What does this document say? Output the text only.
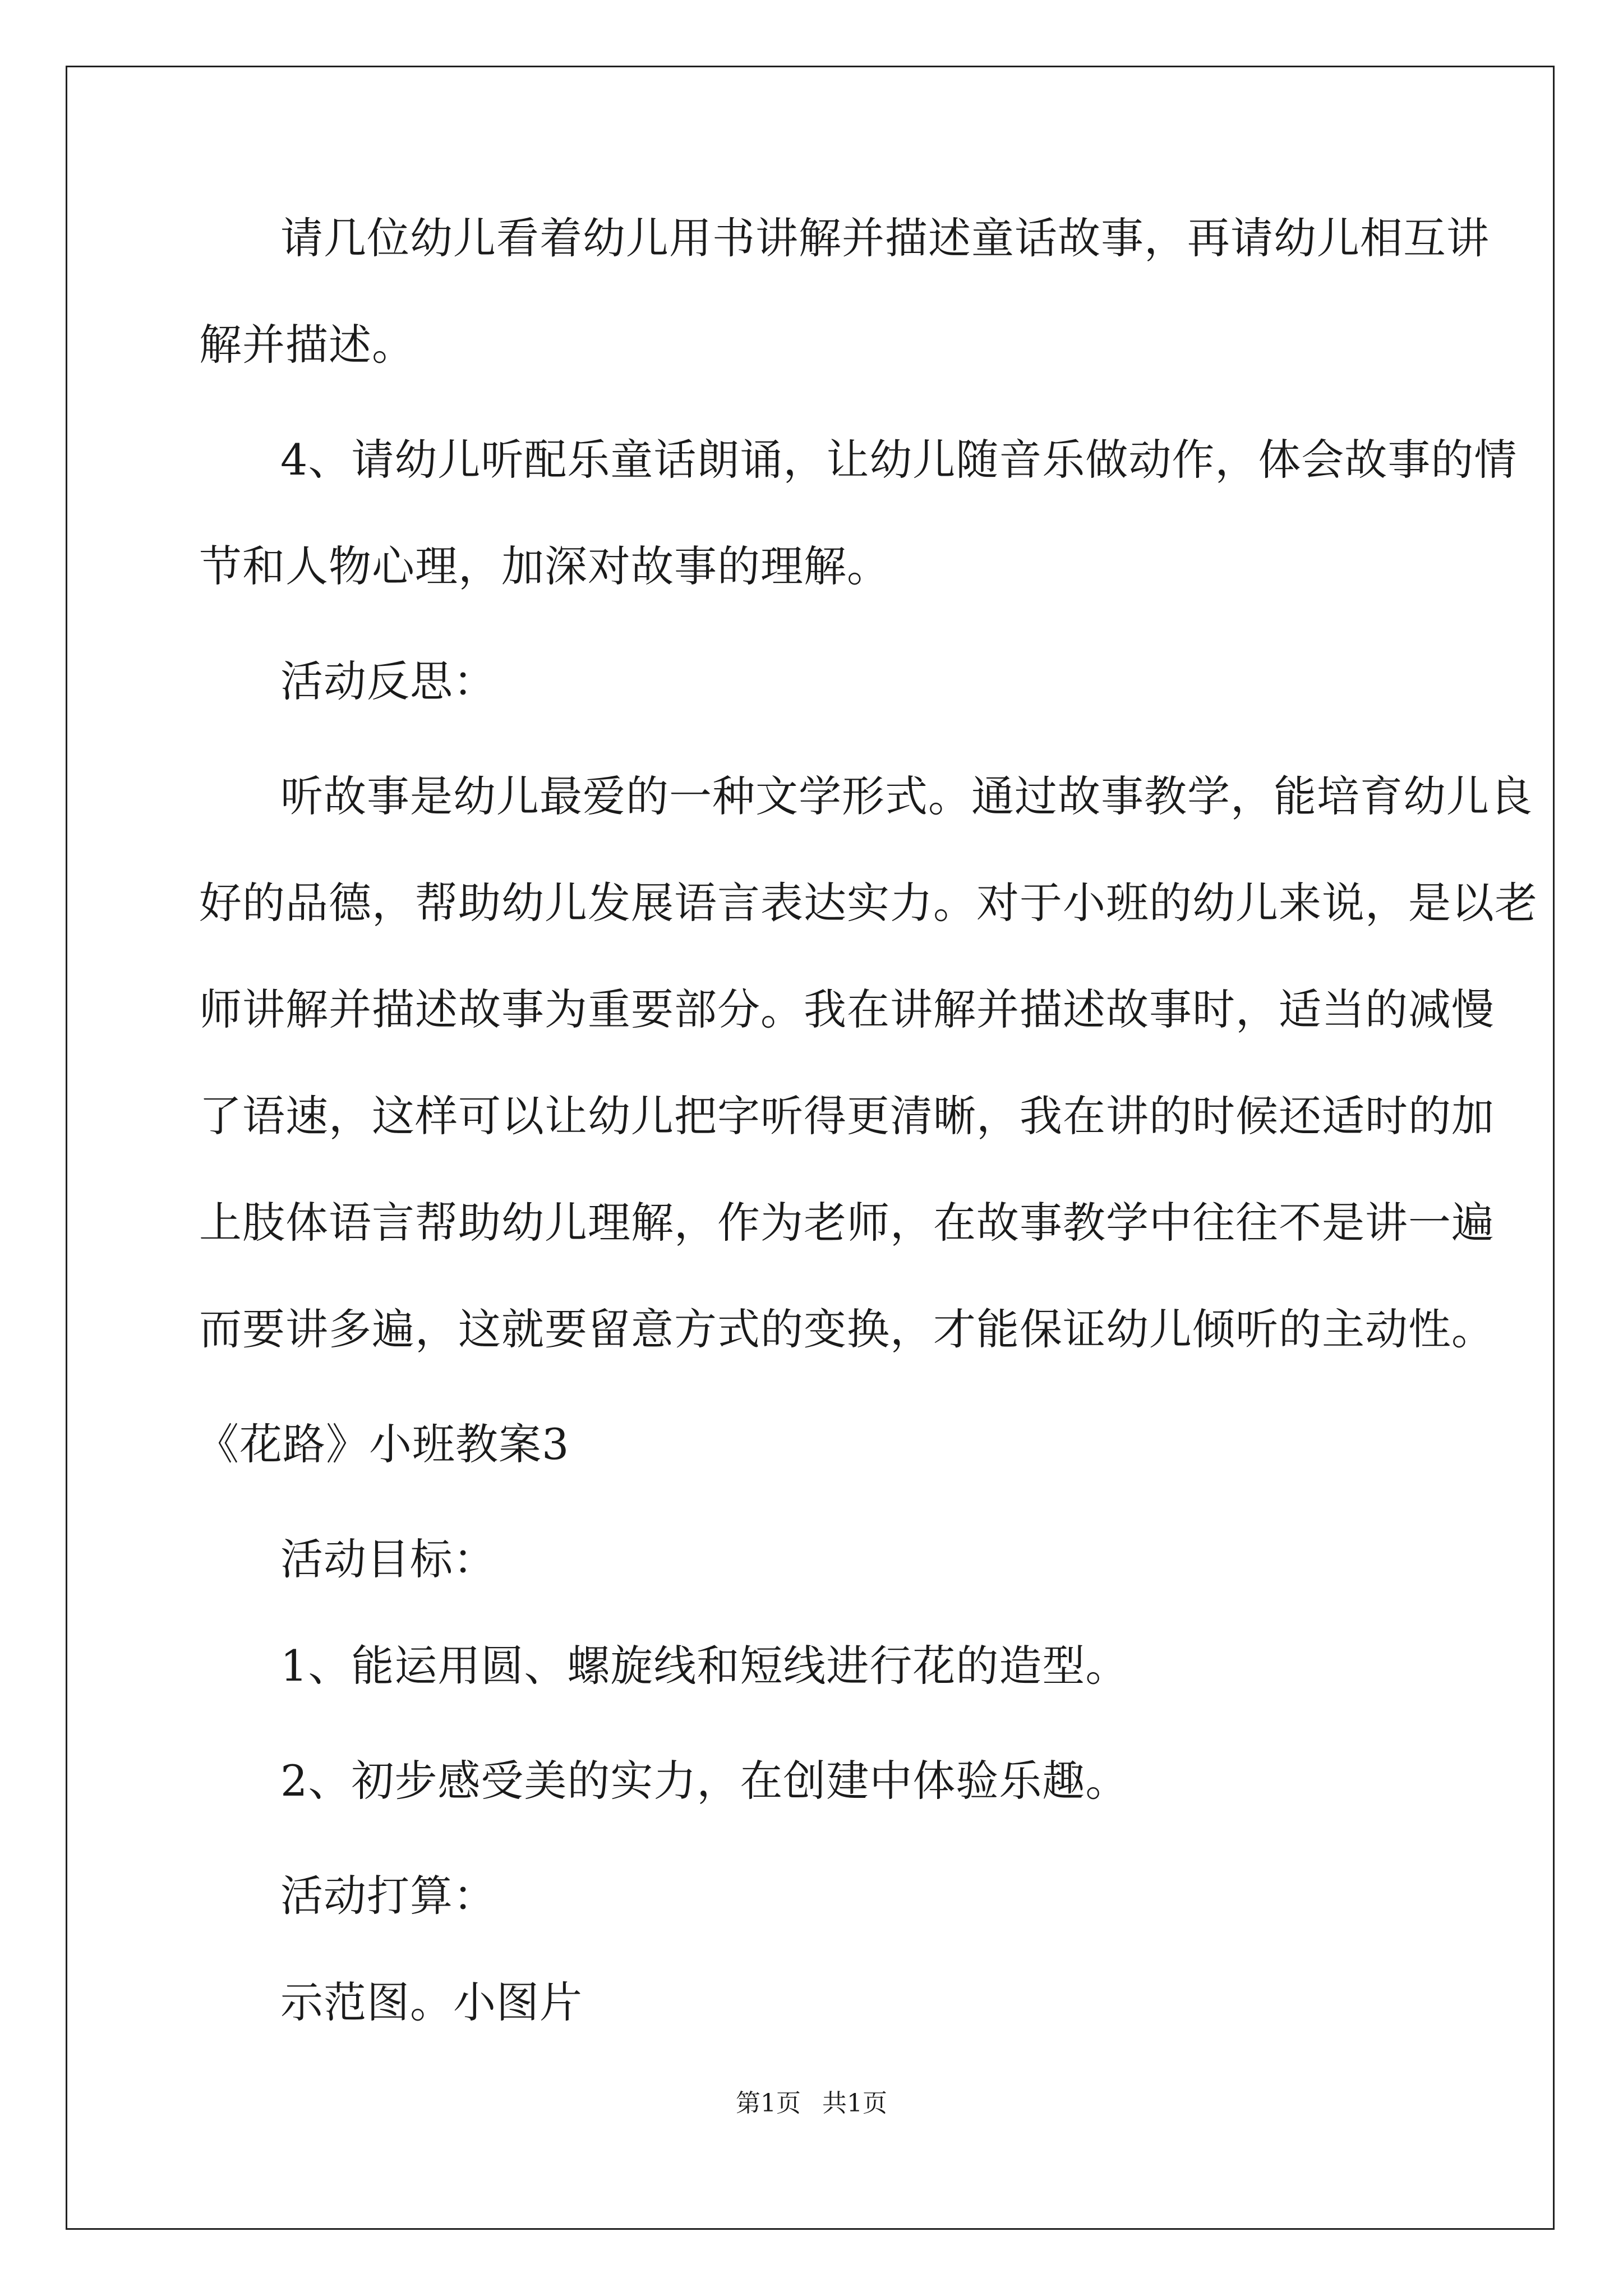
请几位幼儿看着幼儿用书讲解并描述童话故事，再请幼儿相互讲
解并描述。
4、请幼儿听配乐童话朗诵，让幼儿随音乐做动作，体会故事的情
节和人物心理，加深对故事的理解。
活动反思：
听故事是幼儿最爱的一种文学形式。通过故事教学，能培育幼儿良
好的品德，帮助幼儿发展语言表达实力。对于小班的幼儿来说，是以老
师讲解并描述故事为重要部分。我在讲解并描述故事时，适当的减慢
了语速，这样可以让幼儿把字听得更清晰，我在讲的时候还适时的加
上肢体语言帮助幼儿理解，作为老师，在故事教学中往往不是讲一遍
而要讲多遍，这就要留意方式的变换，才能保证幼儿倾听的主动性。
《花路》小班教案3
活动目标：
1、能运用圆、螺旋线和短线进行花的造型。
2、初步感受美的实力，在创建中体验乐趣。
活动打算：
示范图。小图片
第1页 共1页
